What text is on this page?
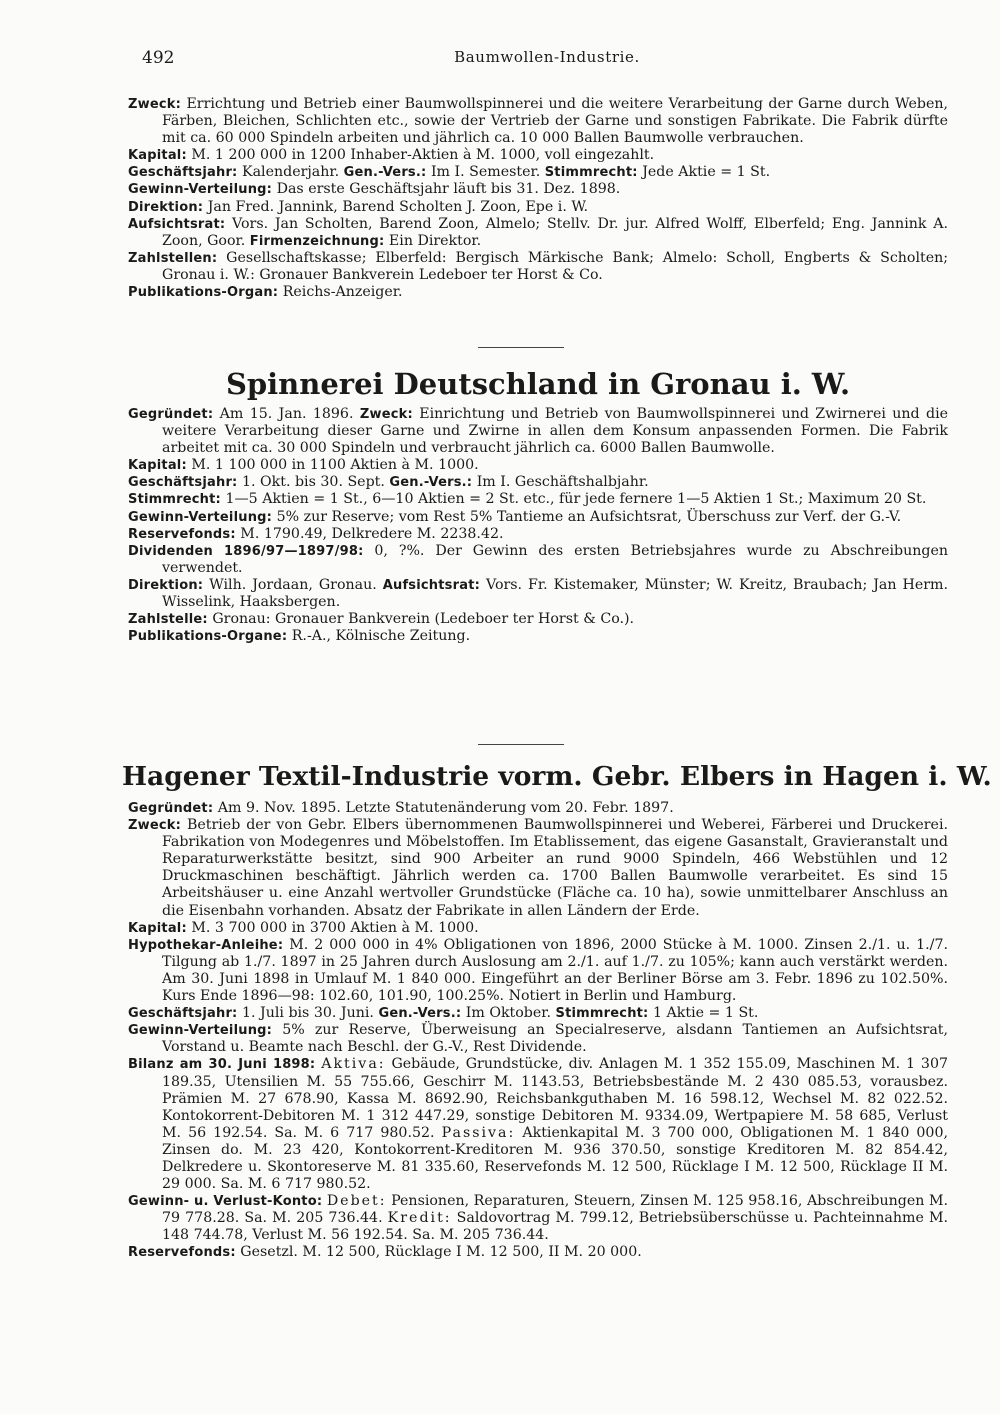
492	Baumwollen-Industrie.

Zweck: Errichtung und Betrieb einer Baumwollspinnerei und die weitere Verarbeitung der Garne durch Weben, Färben, Bleichen, Schlichten etc., sowie der Vertrieb der Garne und sonstigen Fabrikate. Die Fabrik dürfte mit ca. 60 000 Spindeln arbeiten und jährlich ca. 10 000 Ballen Baumwolle verbrauchen.

Kapital: M. 1 200 000 in 1200 Inhaber-Aktien à M. 1000, voll eingezahlt.

Geschäftsjahr: Kalenderjahr. Gen.-Vers.: Im I. Semester. Stimmrecht: Jede Aktie = 1 St.

Gewinn-Verteilung: Das erste Geschäftsjahr läuft bis 31. Dez. 1898.

Direktion: Jan Fred. Jannink, Barend Scholten J. Zoon, Epe i. W.

Aufsichtsrat: Vors. Jan Scholten, Barend Zoon, Almelo; Stellv. Dr. jur. Alfred Wolff, Elberfeld; Eng. Jannink A. Zoon, Goor. Firmenzeichnung: Ein Direktor.

Zahlstellen: Gesellschaftskasse; Elberfeld: Bergisch Märkische Bank; Almelo: Scholl, Engberts & Scholten; Gronau i. W.: Gronauer Bankverein Ledeboer ter Horst & Co.

Publikations-Organ: Reichs-Anzeiger.

Spinnerei Deutschland in Gronau i. W.

Gegründet: Am 15. Jan. 1896. Zweck: Einrichtung und Betrieb von Baumwollspinnerei und Zwirnerei und die weitere Verarbeitung dieser Garne und Zwirne in allen dem Konsum anpassenden Formen. Die Fabrik arbeitet mit ca. 30 000 Spindeln und verbraucht jährlich ca. 6000 Ballen Baumwolle.

Kapital: M. 1 100 000 in 1100 Aktien à M. 1000.

Geschäftsjahr: 1. Okt. bis 30. Sept. Gen.-Vers.: Im I. Geschäftshalbjahr.

Stimmrecht: 1—5 Aktien = 1 St., 6—10 Aktien = 2 St. etc., für jede fernere 1—5 Aktien 1 St.; Maximum 20 St.

Gewinn-Verteilung: 5% zur Reserve; vom Rest 5% Tantieme an Aufsichtsrat, Überschuss zur Verf. der G.-V.

Reservefonds: M. 1790.49, Delkredere M. 2238.42.

Dividenden 1896/97—1897/98: 0, ?%. Der Gewinn des ersten Betriebsjahres wurde zu Abschreibungen verwendet.

Direktion: Wilh. Jordaan, Gronau. Aufsichtsrat: Vors. Fr. Kistemaker, Münster; W. Kreitz, Braubach; Jan Herm. Wisselink, Haaksbergen.

Zahlstelle: Gronau: Gronauer Bankverein (Ledeboer ter Horst & Co.).

Publikations-Organe: R.-A., Kölnische Zeitung.

Hagener Textil-Industrie vorm. Gebr. Elbers in Hagen i. W.

Gegründet: Am 9. Nov. 1895. Letzte Statutenänderung vom 20. Febr. 1897.

Zweck: Betrieb der von Gebr. Elbers übernommenen Baumwollspinnerei und Weberei, Färberei und Druckerei. Fabrikation von Modegenres und Möbelstoffen. Im Etablissement, das eigene Gasanstalt, Gravieranstalt und Reparaturwerkstätte besitzt, sind 900 Arbeiter an rund 9000 Spindeln, 466 Webstühlen und 12 Druckmaschinen beschäftigt. Jährlich werden ca. 1700 Ballen Baumwolle verarbeitet. Es sind 15 Arbeitshäuser u. eine Anzahl wertvoller Grundstücke (Fläche ca. 10 ha), sowie unmittelbarer Anschluss an die Eisenbahn vorhanden. Absatz der Fabrikate in allen Ländern der Erde.

Kapital: M. 3 700 000 in 3700 Aktien à M. 1000.

Hypothekar-Anleihe: M. 2 000 000 in 4% Obligationen von 1896, 2000 Stücke à M. 1000. Zinsen 2./1. u. 1./7. Tilgung ab 1./7. 1897 in 25 Jahren durch Auslosung am 2./1. auf 1./7. zu 105%; kann auch verstärkt werden. Am 30. Juni 1898 in Umlauf M. 1 840 000. Eingeführt an der Berliner Börse am 3. Febr. 1896 zu 102.50%. Kurs Ende 1896—98: 102.60, 101.90, 100.25%. Notiert in Berlin und Hamburg.

Geschäftsjahr: 1. Juli bis 30. Juni. Gen.-Vers.: Im Oktober. Stimmrecht: 1 Aktie = 1 St.

Gewinn-Verteilung: 5% zur Reserve, Überweisung an Specialreserve, alsdann Tantiemen an Aufsichtsrat, Vorstand u. Beamte nach Beschl. der G.-V., Rest Dividende.

Bilanz am 30. Juni 1898: Aktiva: Gebäude, Grundstücke, div. Anlagen M. 1 352 155.09, Maschinen M. 1 307 189.35, Utensilien M. 55 755.66, Geschirr M. 1143.53, Betriebsbestände M. 2 430 085.53, vorausbez. Prämien M. 27 678.90, Kassa M. 8692.90, Reichsbankguthaben M. 16 598.12, Wechsel M. 82 022.52. Kontokorrent-Debitoren M. 1 312 447.29, sonstige Debitoren M. 9334.09, Wertpapiere M. 58 685, Verlust M. 56 192.54. Sa. M. 6 717 980.52. Passiva: Aktienkapital M. 3 700 000, Obligationen M. 1 840 000, Zinsen do. M. 23 420, Kontokorrent-Kreditoren M. 936 370.50, sonstige Kreditoren M. 82 854.42, Delkredere u. Skontoreserve M. 81 335.60, Reservefonds M. 12 500, Rücklage I M. 12 500, Rücklage II M. 29 000. Sa. M. 6 717 980.52.

Gewinn- u. Verlust-Konto: Debet: Pensionen, Reparaturen, Steuern, Zinsen M. 125 958.16, Abschreibungen M. 79 778.28. Sa. M. 205 736.44. Kredit: Saldovortrag M. 799.12, Betriebsüberschüsse u. Pachteinnahme M. 148 744.78, Verlust M. 56 192.54. Sa. M. 205 736.44.

Reservefonds: Gesetzl. M. 12 500, Rücklage I M. 12 500, II M. 20 000.
